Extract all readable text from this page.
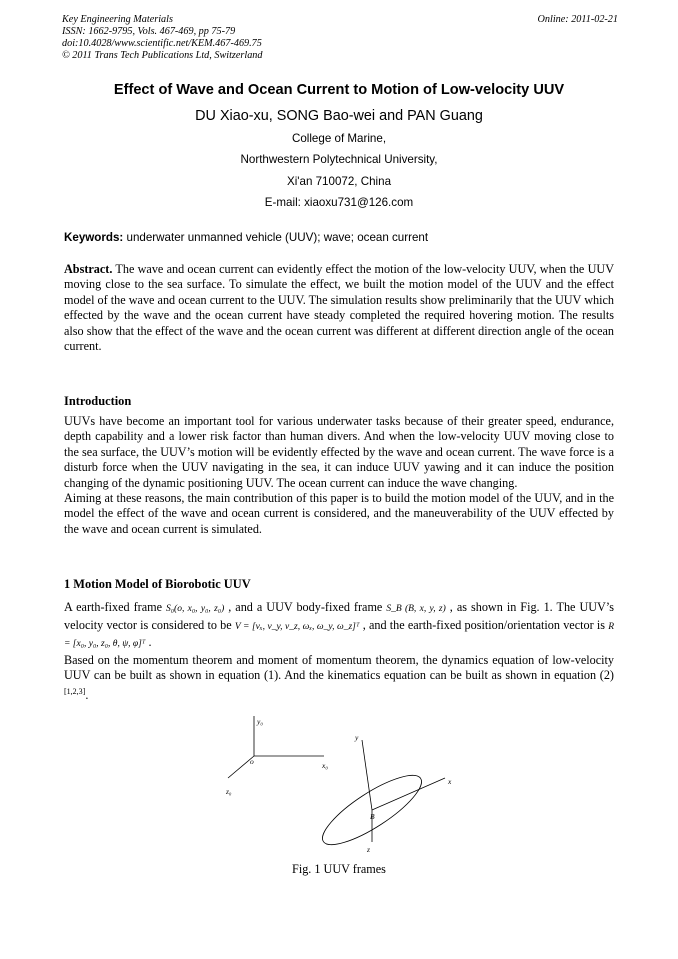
Key Engineering Materials
ISSN: 1662-9795, Vols. 467-469, pp 75-79
doi:10.4028/www.scientific.net/KEM.467-469.75
© 2011 Trans Tech Publications Ltd, Switzerland
Online: 2011-02-21
Effect of Wave and Ocean Current to Motion of Low-velocity UUV
DU Xiao-xu, SONG Bao-wei and PAN Guang
College of Marine,
Northwestern Polytechnical University,
Xi'an 710072, China
E-mail: xiaoxu731@126.com
Keywords: underwater unmanned vehicle (UUV); wave; ocean current

Abstract. The wave and ocean current can evidently effect the motion of the low-velocity UUV, when the UUV moving close to the sea surface. To simulate the effect, we built the motion model of the UUV and the effect model of the wave and ocean current to the UUV. The simulation results show preliminarily that the UUV which effected by the wave and the ocean current have steady completed the required hovering motion. The results also show that the effect of the wave and the ocean current was different at different direction angle of the ocean current.

Introduction

UUVs have become an important tool for various underwater tasks because of their greater speed, endurance, depth capability and a lower risk factor than human divers. And when the low-velocity UUV moving close to the sea surface, the UUV’s motion will be evidently effected by the wave and ocean current. The wave force is a disturb force when the UUV navigating in the sea, it can induce UUV yawing and it can induce the position changing of the dynamic positioning UUV. The ocean current can induce the wave changing.

Aiming at these reasons, the main contribution of this paper is to build the motion model of the UUV, and in the model the effect of the wave and ocean current is considered, and the maneuverability of the UUV effected by the wave and ocean current is simulated.

1 Motion Model of Biorobotic UUV

A earth-fixed frame S₀(o, x₀, y₀, z₀) , and a UUV body-fixed frame S_B (B, x, y, z) , as shown in Fig. 1. The UUV’s velocity vector is considered to be V = [vₓ, v_y, v_z, ωₓ, ω_y, ω_z]ᵀ , and the earth-fixed position/orientation vector is R = [x₀, y₀, z₀, θ, ψ, φ]ᵀ .

Based on the momentum theorem and moment of momentum theorem, the dynamics equation of low-velocity UUV can be built as shown in equation (1). And the kinematics equation can be built as shown in equation (2) [1,2,3].

y₀
x₀
z₀
o
y
x
z
B
Fig. 1 UUV frames
